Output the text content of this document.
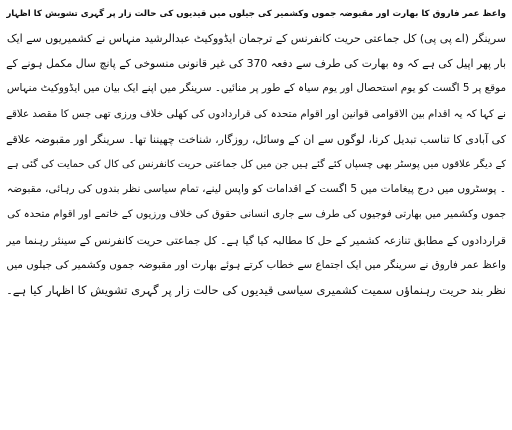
واعظ عمر فاروق کا بھارت اور مقبوضہ جموں وکشمیر کی جیلوں میں قیدیوں کی حالت زار پر گہری تشویش کا اظہار

سرینگر (اے پی پی) کل جماعتی حریت کانفرنس کے ترجمان ایڈووکیٹ عبدالرشید منہاس نے کشمیریوں سے ایک

بار پھر اپیل کی ہے کہ وہ بھارت کی طرف سے دفعہ 370 کی غیر قانونی منسوخی کے پانچ سال مکمل ہونے کے

موقع پر 5 اگست کو یوم استحصال اور یوم سیاہ کے طور پر منائیں۔ سرینگر میں اپنے ایک بیان میں ایڈووکیٹ منہاس

نے کہا کہ یہ اقدام بین الاقوامی قوانین اور اقوام متحدہ کی قراردادوں کی کھلی خلاف ورزی تھی جس کا مقصد علاقے

کی آبادی کا تناسب تبدیل کرنا، لوگوں سے ان کے وسائل، روزگار، شناخت چھیننا تھا۔ سرینگر اور مقبوضہ علاقے

کے دیگر علاقوں میں پوسٹر بھی چسپاں کئے گئے ہیں جن میں کل جماعتی حریت کانفرنس کی کال کی حمایت کی گئی ہے

۔ پوسٹروں میں درج پیغامات میں 5 اگست کے اقدامات کو واپس لینے، تمام سیاسی نظر بندوں کی رہائی، مقبوضہ

جموں وکشمیر میں بھارتی فوجیوں کی طرف سے جاری انسانی حقوق کی خلاف ورزیوں کے خاتمے اور اقوام متحدہ کی

قراردادوں کے مطابق تنازعہ کشمیر کے حل کا مطالبہ کیا گیا ہے۔ کل جماعتی حریت کانفرنس کے سینئر رہنما میر

واعظ عمر فاروق نے سرینگر میں ایک اجتماع سے خطاب کرتے ہوئے بھارت اور مقبوضہ جموں وکشمیر کی جیلوں میں

نظر بند حریت رہنماؤں سمیت کشمیری سیاسی قیدیوں کی حالت زار پر گہری تشویش کا اظہار کیا ہے۔
